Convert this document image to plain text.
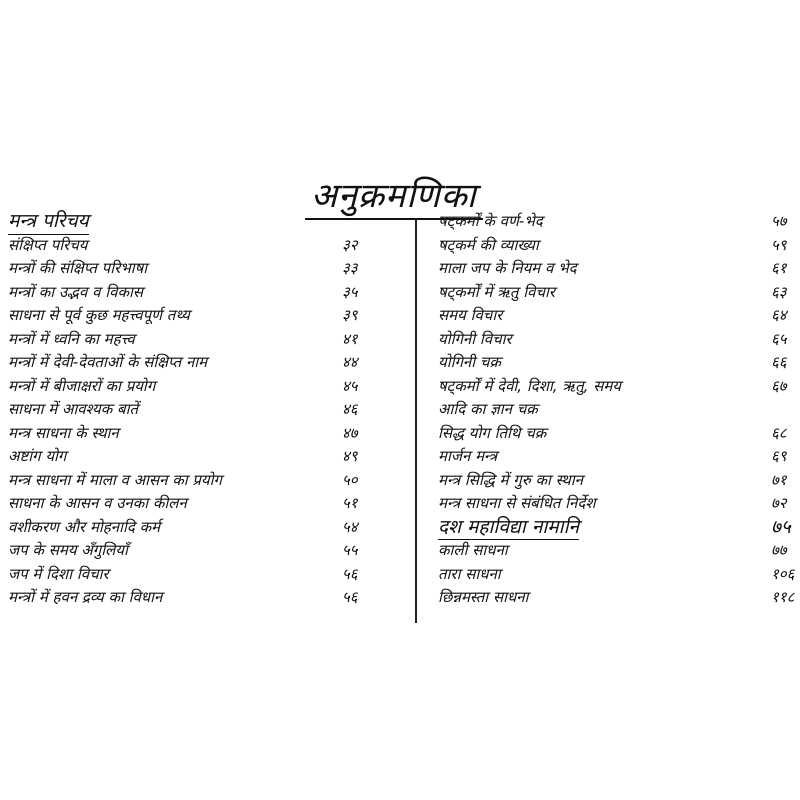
अनुक्रमणिका
मन्त्र परिचय
संक्षिप्त परिचय	३२
मन्त्रों की संक्षिप्त परिभाषा	३३
मन्त्रों का उद्भव व विकास	३५
साधना से पूर्व कुछ महत्त्वपूर्ण तथ्य	३९
मन्त्रों में ध्वनि का महत्त्व	४१
मन्त्रों में देवी-देवताओं के संक्षिप्त नाम	४४
मन्त्रों में बीजाक्षरों का प्रयोग	४५
साधना में आवश्यक बातें	४६
मन्त्र साधना के स्थान	४७
अष्टांग योग	४९
मन्त्र साधना में माला व आसन का प्रयोग	५०
साधना के आसन व उनका कीलन	५१
वशीकरण और मोहनादि कर्म	५४
जप के समय अँगुलियाँ	५५
जप में दिशा विचार	५६
मन्त्रों में हवन द्रव्य का विधान	५६
षट्कर्मों के वर्ण-भेद	५७
षट्कर्म की व्याख्या	५९
माला जप के नियम व भेद	६१
षट्कर्मों में ऋतु विचार	६३
समय विचार	६४
योगिनी विचार	६५
योगिनी चक्र	६६
षट्कर्मों में देवी, दिशा, ऋतु, समय	६७
आदि का ज्ञान चक्र
सिद्ध योग तिथि चक्र	६८
मार्जन मन्त्र	६९
मन्त्र सिद्धि में गुरु का स्थान	७१
मन्त्र साधना से संबंधित निर्देश	७२
दश महाविद्या नामानि	७५
काली साधना	७७
तारा साधना	१०६
छिन्नमस्ता साधना	११८
